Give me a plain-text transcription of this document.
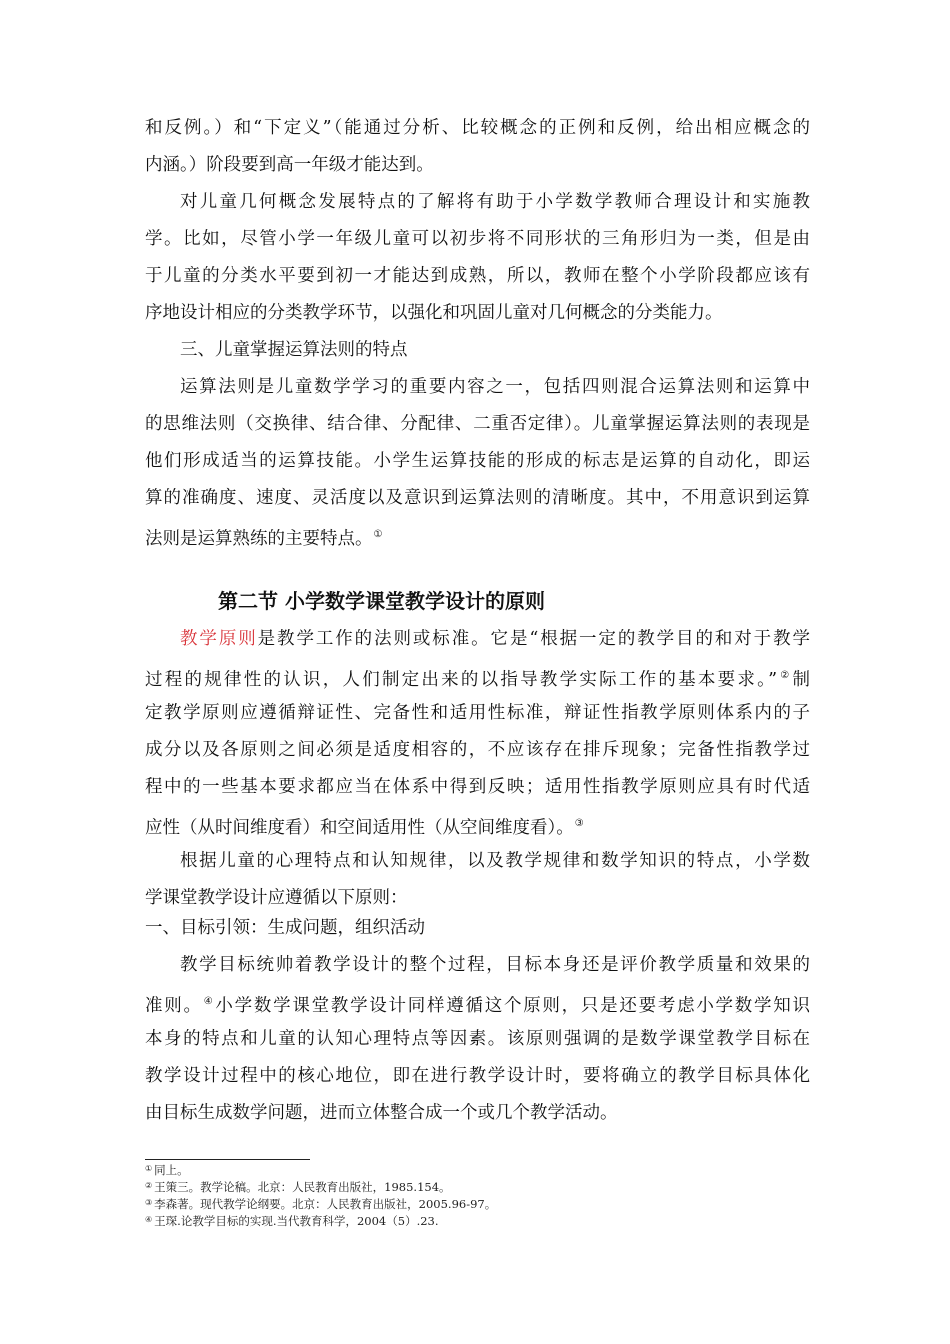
和反例。）和“下定义”（能通过分析、比较概念的正例和反例，给出相应概念的
内涵。）阶段要到高一年级才能达到。
对儿童几何概念发展特点的了解将有助于小学数学教师合理设计和实施教
学。比如，尽管小学一年级儿童可以初步将不同形状的三角形归为一类，但是由
于儿童的分类水平要到初一才能达到成熟，所以，教师在整个小学阶段都应该有
序地设计相应的分类教学环节，以强化和巩固儿童对几何概念的分类能力。
三、儿童掌握运算法则的特点
运算法则是儿童数学学习的重要内容之一，包括四则混合运算法则和运算中
的思维法则（交换律、结合律、分配律、二重否定律）。儿童掌握运算法则的表现是
他们形成适当的运算技能。小学生运算技能的形成的标志是运算的自动化，即运
算的准确度、速度、灵活度以及意识到运算法则的清晰度。其中，不用意识到运算
法则是运算熟练的主要特点。①
第二节 小学数学课堂教学设计的原则
教学原则是教学工作的法则或标准。它是“根据一定的教学目的和对于教学
过程的规律性的认识，人们制定出来的以指导教学实际工作的基本要求。”②制
定教学原则应遵循辩证性、完备性和适用性标准，辩证性指教学原则体系内的子
成分以及各原则之间必须是适度相容的，不应该存在排斥现象；完备性指教学过
程中的一些基本要求都应当在体系中得到反映；适用性指教学原则应具有时代适
应性（从时间维度看）和空间适用性（从空间维度看）。③
根据儿童的心理特点和认知规律，以及教学规律和数学知识的特点，小学数
学课堂教学设计应遵循以下原则：
一、目标引领：生成问题，组织活动
教学目标统帅着教学设计的整个过程，目标本身还是评价教学质量和效果的
准则。④小学数学课堂教学设计同样遵循这个原则，只是还要考虑小学数学知识
本身的特点和儿童的认知心理特点等因素。该原则强调的是数学课堂教学目标在
教学设计过程中的核心地位，即在进行教学设计时，要将确立的教学目标具体化
由目标生成数学问题，进而立体整合成一个或几个教学活动。
① 同上。
② 王策三。教学论稿。北京：人民教育出版社，1985.154。
③ 李森著。现代教学论纲要。北京：人民教育出版社，2005.96-97。
④ 王琛.论教学目标的实现.当代教育科学，2004（5）.23.
